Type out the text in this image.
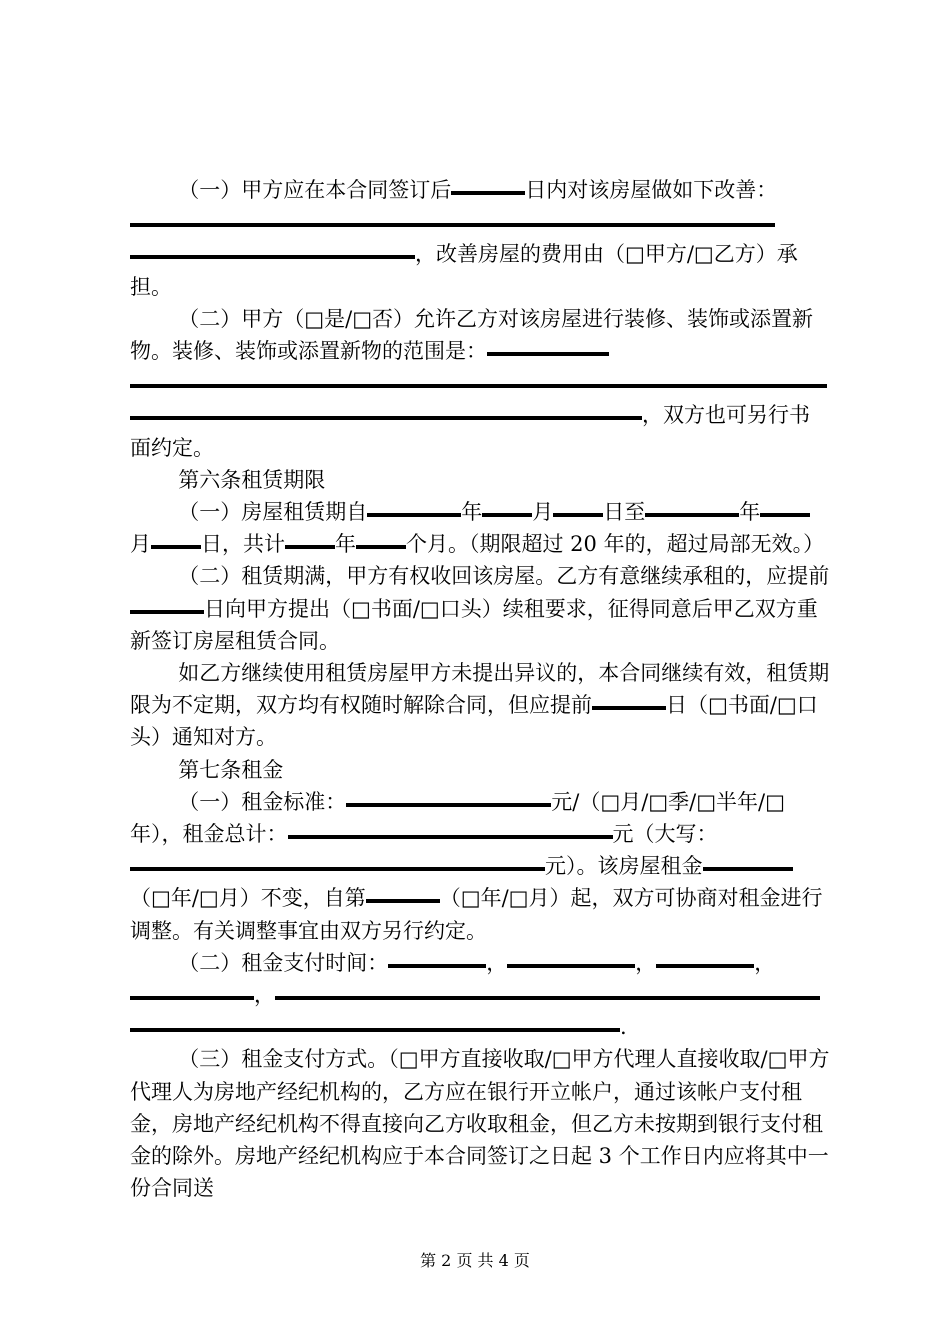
（一）甲方应在本合同签订后	日内对该房屋做如下改善：，改善房屋的费用由（□甲方/□乙方）承担。

（二）甲方（□是/□否）允许乙方对该房屋进行装修、装饰或添置新物。装修、装饰或添置新物的范围是：，双方也可另行书面约定。

第六条租赁期限

（一）房屋租赁期自	年 月 日至	年月 日，共计 年 个月。（期限超过 20 年的，超过局部无效。）

（二）租赁期满，甲方有权收回该房屋。乙方有意继续承租的，应提前日向甲方提出（□书面/□口头）续租要求，征得同意后甲乙双方重新签订房屋租赁合同。

如乙方继续使用租赁房屋甲方未提出异议的，本合同继续有效，租赁期限为不定期，双方均有权随时解除合同，但应提前	日（□书面/□口头）通知对方。

第七条租金

（一）租金标准：	元/（□月/□季/□半年/□年），租金总计：	元（大写：元）。该房屋租金（□年/□月）不变，自第	（□年/□月）起，双方可协商对租金进行调整。有关调整事宜由双方另行约定。

（二）租金支付时间：	，	，	，，.

（三）租金支付方式。（□甲方直接收取/□甲方代理人直接收取/□甲方代理人为房地产经纪机构的，乙方应在银行开立帐户，通过该帐户支付租金，房地产经纪机构不得直接向乙方收取租金，但乙方未按期到银行支付租金的除外。房地产经纪机构应于本合同签订之日起 3 个工作日内应将其中一份合同送

第 2 页 共 4 页
